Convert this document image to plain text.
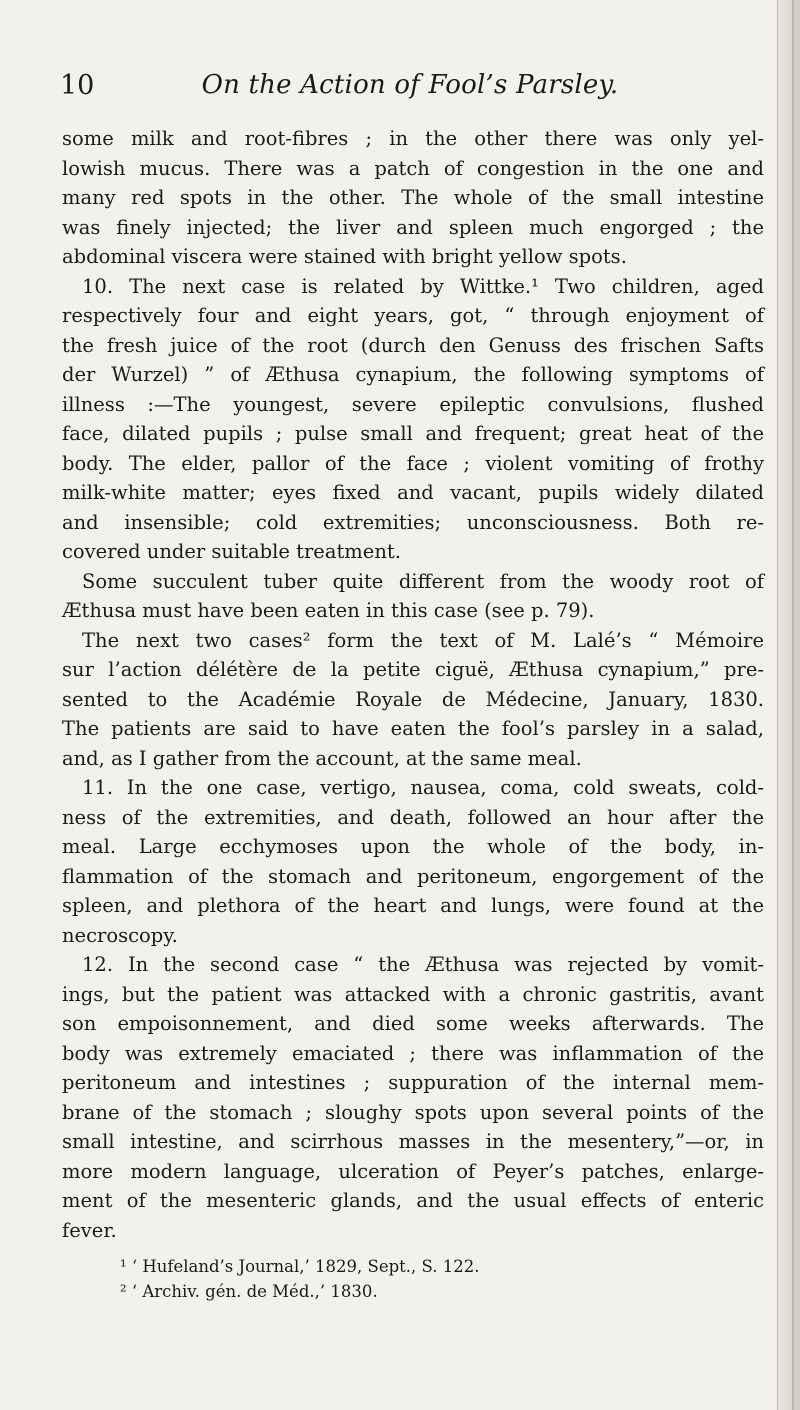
10	On the Action of Fool’s Parsley.
some milk and root-fibres ; in the other there was only yel-
lowish mucus. There was a patch of congestion in the one and
many red spots in the other. The whole of the small intestine
was finely injected; the liver and spleen much engorged ; the
abdominal viscera were stained with bright yellow spots.
10. The next case is related by Wittke.¹ Two children, aged
respectively four and eight years, got, “ through enjoyment of
the fresh juice of the root (durch den Genuss des frischen Safts
der Wurzel) ” of Æthusa cynapium, the following symptoms of
illness :—The youngest, severe epileptic convulsions, flushed
face, dilated pupils ; pulse small and frequent; great heat of the
body. The elder, pallor of the face ; violent vomiting of frothy
milk-white matter; eyes fixed and vacant, pupils widely dilated
and insensible; cold extremities; unconsciousness. Both re-
covered under suitable treatment.
Some succulent tuber quite different from the woody root of
Æthusa must have been eaten in this case (see p. 79).
The next two cases² form the text of M. Lalé’s “ Mémoire
sur l’action délétère de la petite ciguë, Æthusa cynapium,” pre-
sented to the Académie Royale de Médecine, January, 1830.
The patients are said to have eaten the fool’s parsley in a salad,
and, as I gather from the account, at the same meal.
11. In the one case, vertigo, nausea, coma, cold sweats, cold-
ness of the extremities, and death, followed an hour after the
meal. Large ecchymoses upon the whole of the body, in-
flammation of the stomach and peritoneum, engorgement of the
spleen, and plethora of the heart and lungs, were found at the
necroscopy.
12. In the second case “ the Æthusa was rejected by vomit-
ings, but the patient was attacked with a chronic gastritis, avant
son empoisonnement, and died some weeks afterwards. The
body was extremely emaciated ; there was inflammation of the
peritoneum and intestines ; suppuration of the internal mem-
brane of the stomach ; sloughy spots upon several points of the
small intestine, and scirrhous masses in the mesentery,”—or, in
more modern language, ulceration of Peyer’s patches, enlarge-
ment of the mesenteric glands, and the usual effects of enteric
fever.
¹ ‘ Hufeland’s Journal,’ 1829, Sept., S. 122.
² ‘ Archiv. gén. de Méd.,’ 1830.
